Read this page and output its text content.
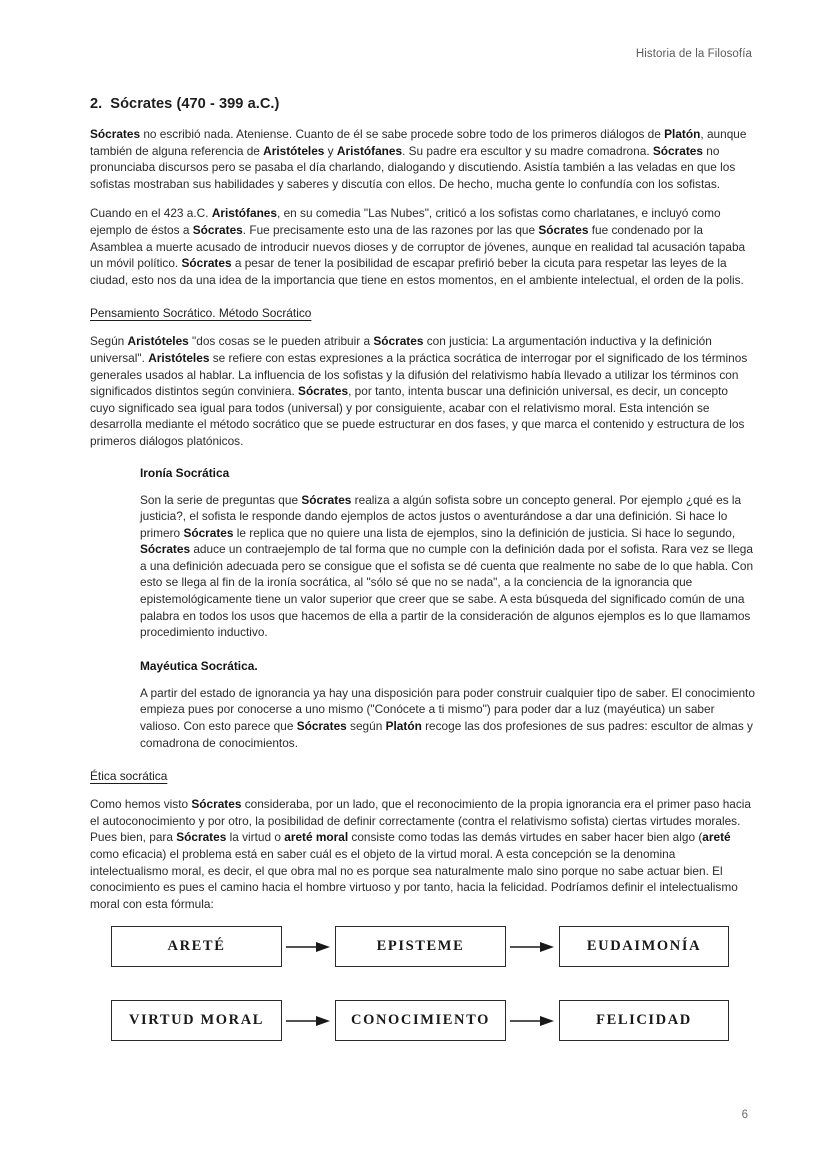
Historia de la Filosofía
2. Sócrates (470 - 399 a.C.)

Sócrates no escribió nada. Ateniense. Cuanto de él se sabe procede sobre todo de los primeros diálogos de Platón, aunque también de alguna referencia de Aristóteles y Aristófanes. Su padre era escultor y su madre comadrona. Sócrates no pronunciaba discursos pero se pasaba el día charlando, dialogando y discutiendo. Asistía también a las veladas en que los sofistas mostraban sus habilidades y saberes y discutía con ellos. De hecho, mucha gente lo confundía con los sofistas.

Cuando en el 423 a.C. Aristófanes, en su comedia "Las Nubes", criticó a los sofistas como charlatanes, e incluyó como ejemplo de éstos a Sócrates. Fue precisamente esto una de las razones por las que Sócrates fue condenado por la Asamblea a muerte acusado de introducir nuevos dioses y de corruptor de jóvenes, aunque en realidad tal acusación tapaba un móvil político. Sócrates a pesar de tener la posibilidad de escapar prefirió beber la cicuta para respetar las leyes de la ciudad, esto nos da una idea de la importancia que tiene en estos momentos, en el ambiente intelectual, el orden de la polis.

Pensamiento Socrático. Método Socrático

Según Aristóteles "dos cosas se le pueden atribuir a Sócrates con justicia: La argumentación inductiva y la definición universal". Aristóteles se refiere con estas expresiones a la práctica socrática de interrogar por el significado de los términos generales usados al hablar. La influencia de los sofistas y la difusión del relativismo había llevado a utilizar los términos con significados distintos según conviniera. Sócrates, por tanto, intenta buscar una definición universal, es decir, un concepto cuyo significado sea igual para todos (universal) y por consiguiente, acabar con el relativismo moral. Esta intención se desarrolla mediante el método socrático que se puede estructurar en dos fases, y que marca el contenido y estructura de los primeros diálogos platónicos.

Ironía Socrática

Son la serie de preguntas que Sócrates realiza a algún sofista sobre un concepto general. Por ejemplo ¿qué es la justicia?, el sofista le responde dando ejemplos de actos justos o aventurándose a dar una definición. Si hace lo primero Sócrates le replica que no quiere una lista de ejemplos, sino la definición de justicia. Si hace lo segundo, Sócrates aduce un contraejemplo de tal forma que no cumple con la definición dada por el sofista. Rara vez se llega a una definición adecuada pero se consigue que el sofista se dé cuenta que realmente no sabe de lo que habla. Con esto se llega al fin de la ironía socrática, al "sólo sé que no se nada", a la conciencia de la ignorancia que epistemológicamente tiene un valor superior que creer que se sabe. A esta búsqueda del significado común de una palabra en todos los usos que hacemos de ella a partir de la consideración de algunos ejemplos es lo que llamamos procedimiento inductivo.

Mayéutica Socrática.

A partir del estado de ignorancia ya hay una disposición para poder construir cualquier tipo de saber. El conocimiento empieza pues por conocerse a uno mismo ("Conócete a ti mismo") para poder dar a luz (mayéutica) un saber valioso. Con esto parece que Sócrates según Platón recoge las dos profesiones de sus padres: escultor de almas y comadrona de conocimientos.

Ética socrática

Como hemos visto Sócrates consideraba, por un lado, que el reconocimiento de la propia ignorancia era el primer paso hacia el autoconocimiento y por otro, la posibilidad de definir correctamente (contra el relativismo sofista) ciertas virtudes morales. Pues bien, para Sócrates la virtud o areté moral consiste como todas las demás virtudes en saber hacer bien algo (areté como eficacia) el problema está en saber cuál es el objeto de la virtud moral. A esta concepción se la denomina intelectualismo moral, es decir, el que obra mal no es porque sea naturalmente malo sino porque no sabe actuar bien. El conocimiento es pues el camino hacia el hombre virtuoso y por tanto, hacia la felicidad. Podríamos definir el intelectualismo moral con esta fórmula:

ARETÉ	EPISTEME	EUDAIMONÍA
VIRTUD MORAL	CONOCIMIENTO	FELICIDAD
6
